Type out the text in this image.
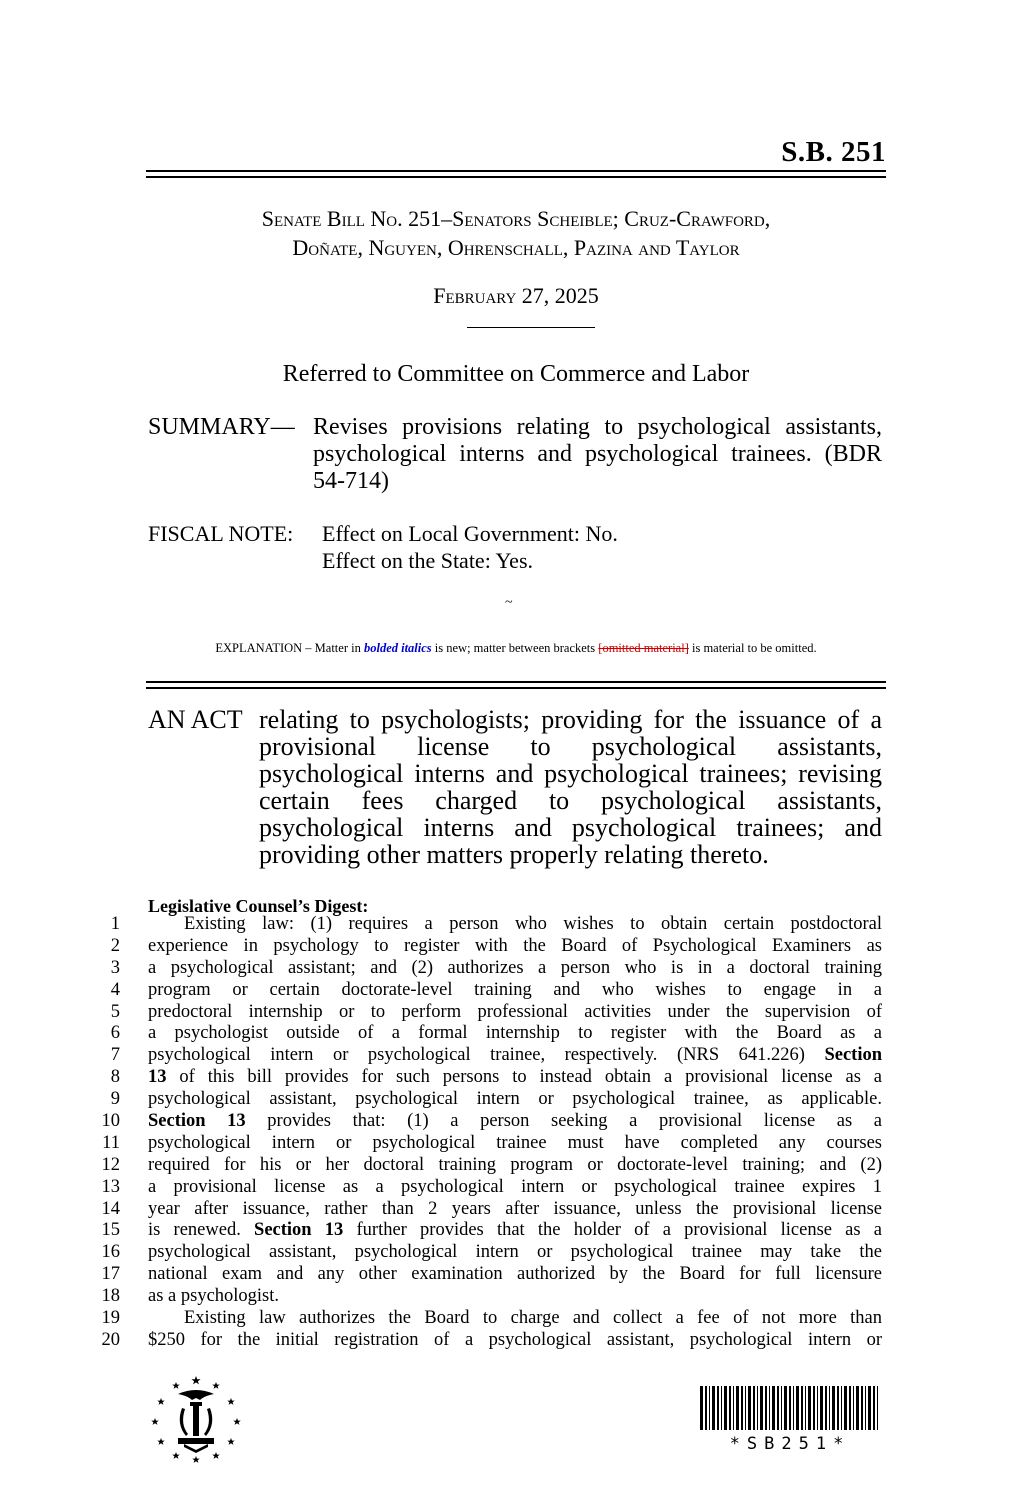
S.B. 251
Senate Bill No. 251–Senators Scheible; Cruz-Crawford,
Doñate, Nguyen, Ohrenschall, Pazina and Taylor
February 27, 2025
Referred to Committee on Commerce and Labor
SUMMARY— Revises provisions relating to psychological assistants, psychological interns and psychological trainees. (BDR 54-714)
FISCAL NOTE: Effect on Local Government: No.
Effect on the State: Yes.
~
EXPLANATION – Matter in bolded italics is new; matter between brackets [omitted material] is material to be omitted.
AN ACT relating to psychologists; providing for the issuance of a provisional license to psychological assistants, psychological interns and psychological trainees; revising certain fees charged to psychological assistants, psychological interns and psychological trainees; and providing other matters properly relating thereto.
Legislative Counsel’s Digest:
1	Existing law: (1) requires a person who wishes to obtain certain postdoctoral
2 experience in psychology to register with the Board of Psychological Examiners as
3 a psychological assistant; and (2) authorizes a person who is in a doctoral training
4 program or certain doctorate-level training and who wishes to engage in a
5 predoctoral internship or to perform professional activities under the supervision of
6 a psychologist outside of a formal internship to register with the Board as a
7 psychological intern or psychological trainee, respectively. (NRS 641.226) Section
8 13 of this bill provides for such persons to instead obtain a provisional license as a
9 psychological assistant, psychological intern or psychological trainee, as applicable.
10 Section 13 provides that: (1) a person seeking a provisional license as a
11 psychological intern or psychological trainee must have completed any courses
12 required for his or her doctoral training program or doctorate-level training; and (2)
13 a provisional license as a psychological intern or psychological trainee expires 1
14 year after issuance, rather than 2 years after issuance, unless the provisional license
15 is renewed. Section 13 further provides that the holder of a provisional license as a
16 psychological assistant, psychological intern or psychological trainee may take the
17 national exam and any other examination authorized by the Board for full licensure
18 as a psychologist.
19	Existing law authorizes the Board to charge and collect a fee of not more than
20 $250 for the initial registration of a psychological assistant, psychological intern or
*SB251*
